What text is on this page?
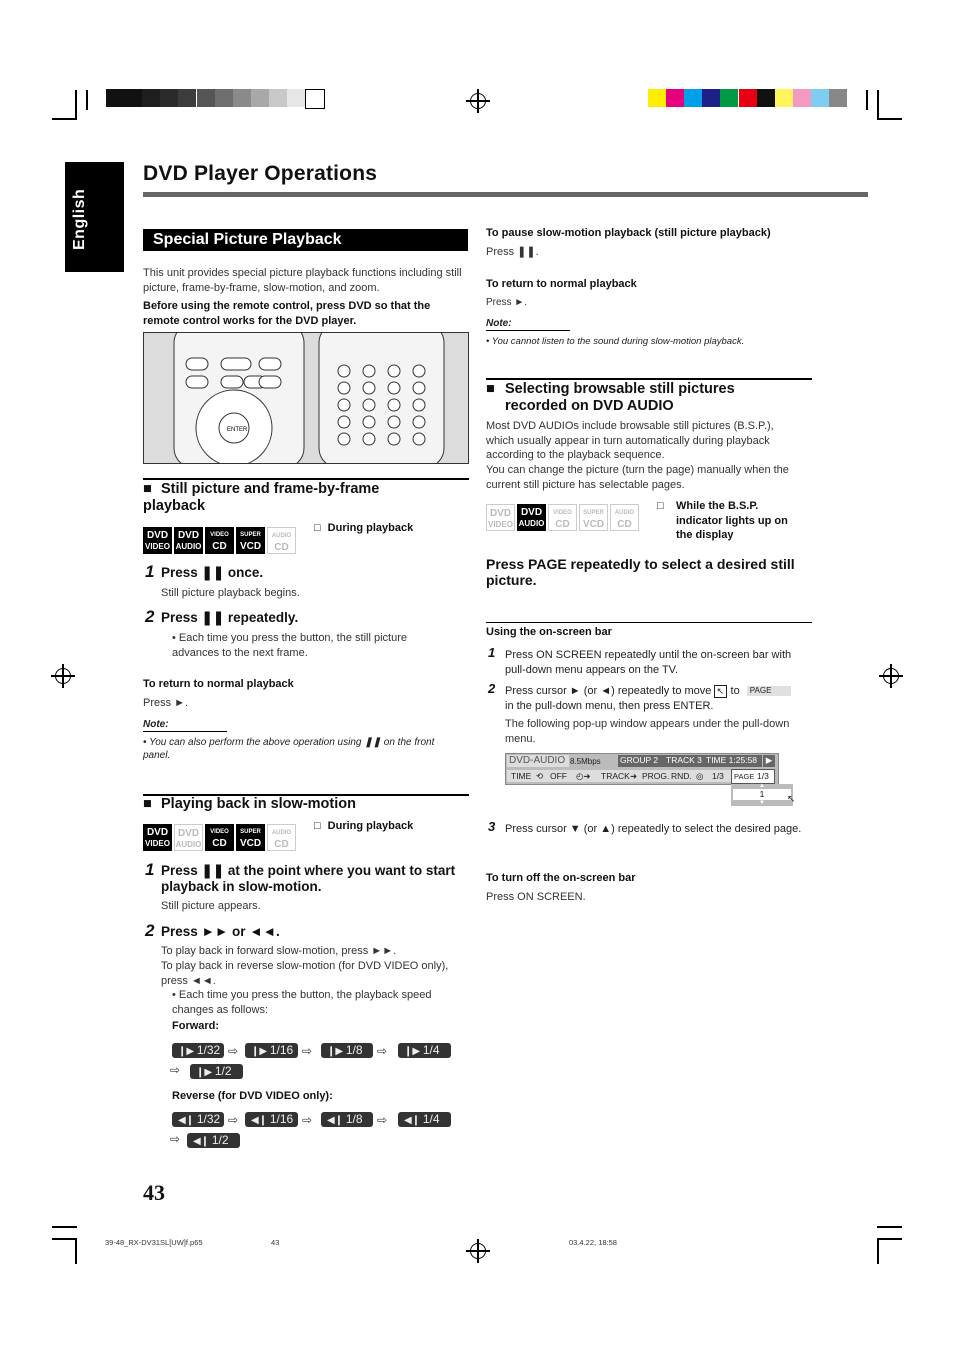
English
DVD Player Operations
Special Picture Playback
This unit provides special picture playback functions including still picture, frame-by-frame, slow-motion, and zoom.
Before using the remote control, press DVD so that the remote control works for the DVD player.
ENTER
■ Still picture and frame-by-frame playback
DVD
VIDEO
DVD
AUDIO
VIDEO
CD
SUPER
VCD
AUDIO
CD
□ During playback
1 Press ❚❚ once.
Still picture playback begins.
2 Press ❚❚ repeatedly.
• Each time you press the button, the still picture advances to the next frame.
To return to normal playback
Press ►.
Note:
• You can also perform the above operation using ❚❚ on the front panel.
■ Playing back in slow-motion
DVD
VIDEO
DVD
AUDIO
VIDEO
CD
SUPER
VCD
AUDIO
CD
□ During playback
1 Press ❚❚ at the point where you want to start playback in slow-motion.
Still picture appears.
2 Press ►► or ◄◄.
To play back in forward slow-motion, press ►►.
To play back in reverse slow-motion (for DVD VIDEO only), press ◄◄.
• Each time you press the button, the playback speed changes as follows:
Forward:
❙▶ 1/32 ⇨	❙▶ 1/16 ⇨	❙▶ 1/8	⇨	❙▶ 1/4
⇨	❙▶ 1/2
Reverse (for DVD VIDEO only):
◀❙ 1/32 ⇨	◀❙ 1/16 ⇨	◀❙ 1/8	⇨	◀❙ 1/4
⇨	◀❙ 1/2
43
To pause slow-motion playback (still picture playback)
Press ❚❚.
To return to normal playback
Press ►.
Note:
• You cannot listen to the sound during slow-motion playback.
■ Selecting browsable still pictures recorded on DVD AUDIO
Most DVD AUDIOs include browsable still pictures (B.S.P.), which usually appear in turn automatically during playback according to the playback sequence.
You can change the picture (turn the page) manually when the current still picture has selectable pages.
DVD
VIDEO
DVD
AUDIO
VIDEO
CD
SUPER
VCD
AUDIO
CD
□ While the B.S.P. indicator lights up on the display
Press PAGE repeatedly to select a desired still picture.
Using the on-screen bar
1 Press ON SCREEN repeatedly until the on-screen bar with pull-down menu appears on the TV.
2 Press cursor ► (or ◄) repeatedly to move ↖ to PAGE
in the pull-down menu, then press ENTER.
The following pop-up window appears under the pull-down menu.
DVD-AUDIO 8.5Mbps GROUP 2 TRACK 3 TIME 1:25:58	▶
TIME ⟲ OFF ◴➜ TRACK ➜ PROG. RND. ◎ 1/3 PAGE 1/3
▲
1
▼	↖
3 Press cursor ▼ (or ▲) repeatedly to select the desired page.
To turn off the on-screen bar
Press ON SCREEN.
39-48_RX-DV31SL[UW]f.p65	43	03.4.22, 18:58
